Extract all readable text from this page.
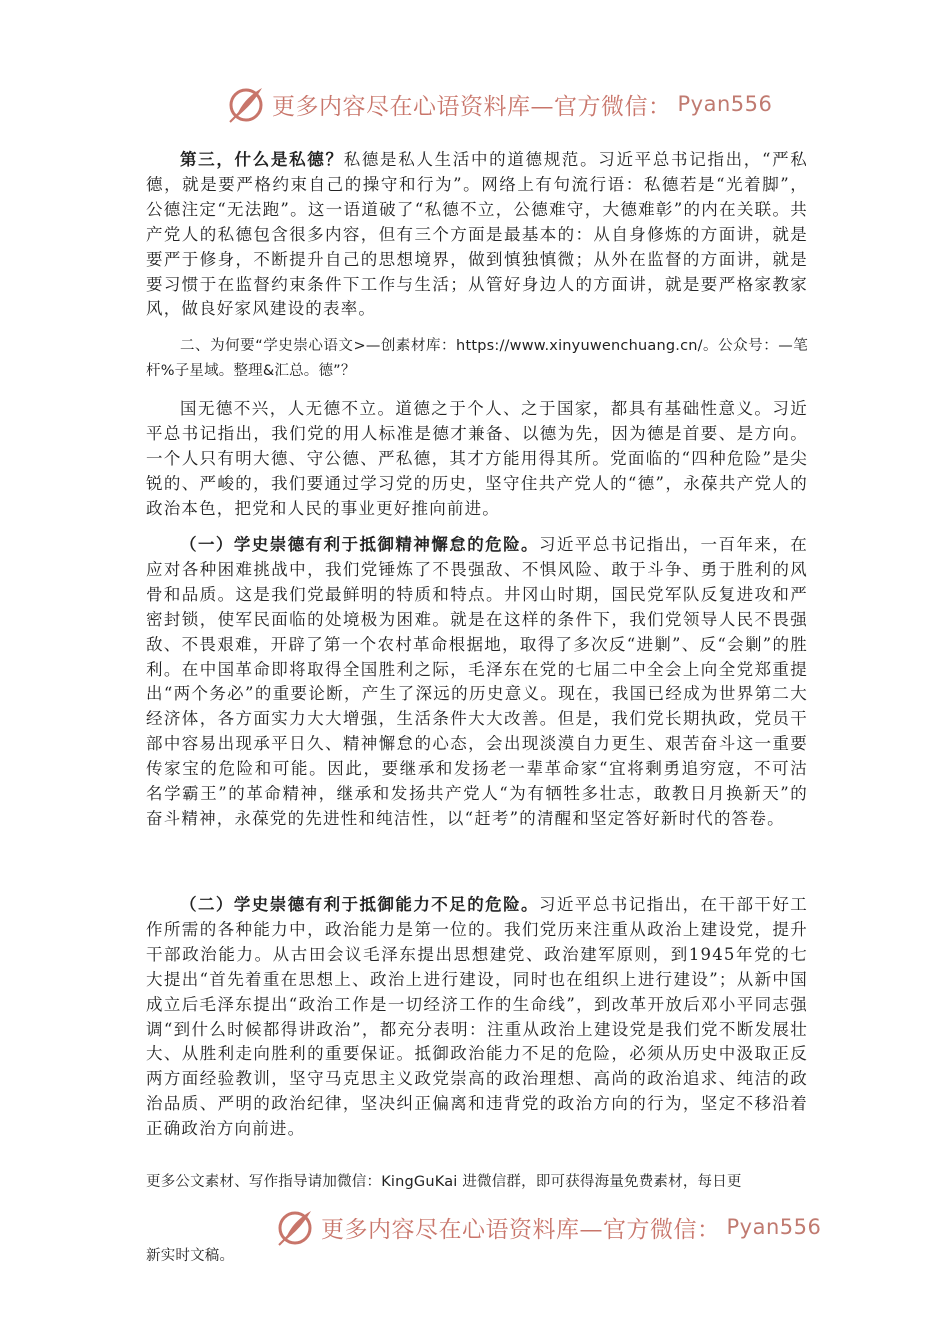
更多内容尽在心语资料库—官方微信： Pyan556

第三，什么是私德？私德是私人生活中的道德规范。习近平总书记指出，“严私德，就是要严格约束自己的操守和行为”。网络上有句流行语：私德若是“光着脚”，公德注定“无法跑”。这一语道破了“私德不立，公德难守，大德难彰”的内在关联。共产党人的私德包含很多内容，但有三个方面是最基本的：从自身修炼的方面讲，就是要严于修身，不断提升自己的思想境界，做到慎独慎微；从外在监督的方面讲，就是要习惯于在监督约束条件下工作与生活；从管好身边人的方面讲，就是要严格家教家风，做良好家风建设的表率。

二、为何要“学史崇心语文>—创素材库：https://www.xinyuwenchuang.cn/。公众号：—笔杆%子星域。整理&汇总。德”？

国无德不兴，人无德不立。道德之于个人、之于国家，都具有基础性意义。习近平总书记指出，我们党的用人标准是德才兼备、以德为先，因为德是首要、是方向。一个人只有明大德、守公德、严私德，其才方能用得其所。党面临的“四种危险”是尖锐的、严峻的，我们要通过学习党的历史，坚守住共产党人的“德”，永葆共产党人的政治本色，把党和人民的事业更好推向前进。

（一）学史崇德有利于抵御精神懈怠的危险。习近平总书记指出，一百年来，在应对各种困难挑战中，我们党锤炼了不畏强敌、不惧风险、敢于斗争、勇于胜利的风骨和品质。这是我们党最鲜明的特质和特点。井冈山时期，国民党军队反复进攻和严密封锁，使军民面临的处境极为困难。就是在这样的条件下，我们党领导人民不畏强敌、不畏艰难，开辟了第一个农村革命根据地，取得了多次反“进剿”、反“会剿”的胜利。在中国革命即将取得全国胜利之际，毛泽东在党的七届二中全会上向全党郑重提出“两个务必”的重要论断，产生了深远的历史意义。现在，我国已经成为世界第二大经济体，各方面实力大大增强，生活条件大大改善。但是，我们党长期执政，党员干部中容易出现承平日久、精神懈怠的心态，会出现淡漠自力更生、艰苦奋斗这一重要传家宝的危险和可能。因此，要继承和发扬老一辈革命家“宜将剩勇追穷寇，不可沽名学霸王”的革命精神，继承和发扬共产党人“为有牺牲多壮志，敢教日月换新天”的奋斗精神，永葆党的先进性和纯洁性，以“赶考”的清醒和坚定答好新时代的答卷。

（二）学史崇德有利于抵御能力不足的危险。习近平总书记指出，在干部干好工作所需的各种能力中，政治能力是第一位的。我们党历来注重从政治上建设党，提升干部政治能力。从古田会议毛泽东提出思想建党、政治建军原则，到1945年党的七大提出“首先着重在思想上、政治上进行建设，同时也在组织上进行建设”；从新中国成立后毛泽东提出“政治工作是一切经济工作的生命线”，到改革开放后邓小平同志强调“到什么时候都得讲政治”，都充分表明：注重从政治上建设党是我们党不断发展壮大、从胜利走向胜利的重要保证。抵御政治能力不足的危险，必须从历史中汲取正反两方面经验教训，坚守马克思主义政党崇高的政治理想、高尚的政治追求、纯洁的政治品质、严明的政治纪律，坚决纠正偏离和违背党的政治方向的行为，坚定不移沿着正确政治方向前进。

更多公文素材、写作指导请加微信：KingGuKai 进微信群，即可获得海量免费素材，每日更

更多内容尽在心语资料库—官方微信： Pyan556

新实时文稿。
